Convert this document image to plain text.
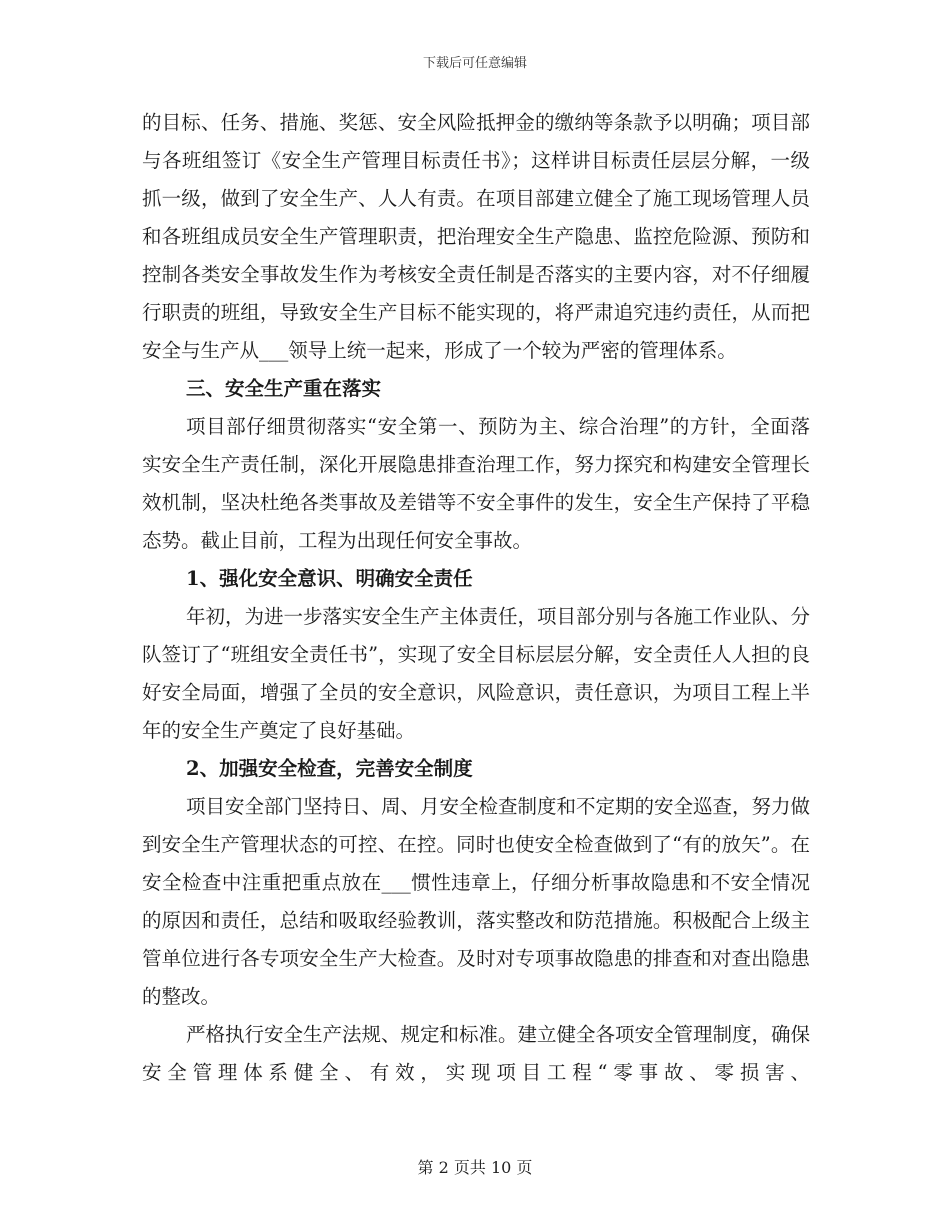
下载后可任意编辑

的目标、任务、措施、奖惩、安全风险抵押金的缴纳等条款予以明确；项目部与各班组签订《安全生产管理目标责任书》；这样讲目标责任层层分解，一级抓一级，做到了安全生产、人人有责。在项目部建立健全了施工现场管理人员和各班组成员安全生产管理职责，把治理安全生产隐患、监控危险源、预防和控制各类安全事故发生作为考核安全责任制是否落实的主要内容，对不仔细履行职责的班组，导致安全生产目标不能实现的，将严肃追究违约责任，从而把安全与生产从___领导上统一起来，形成了一个较为严密的管理体系。

三、安全生产重在落实

项目部仔细贯彻落实“安全第一、预防为主、综合治理”的方针，全面落实安全生产责任制，深化开展隐患排查治理工作，努力探究和构建安全管理长效机制，坚决杜绝各类事故及差错等不安全事件的发生，安全生产保持了平稳态势。截止目前，工程为出现任何安全事故。

1、强化安全意识、明确安全责任

年初，为进一步落实安全生产主体责任，项目部分别与各施工作业队、分队签订了“班组安全责任书”，实现了安全目标层层分解，安全责任人人担的良好安全局面，增强了全员的安全意识，风险意识，责任意识，为项目工程上半年的安全生产奠定了良好基础。

2、加强安全检查，完善安全制度

项目安全部门坚持日、周、月安全检查制度和不定期的安全巡查，努力做到安全生产管理状态的可控、在控。同时也使安全检查做到了“有的放矢”。在安全检查中注重把重点放在___惯性违章上，仔细分析事故隐患和不安全情况的原因和责任，总结和吸取经验教训，落实整改和防范措施。积极配合上级主管单位进行各专项安全生产大检查。及时对专项事故隐患的排查和对查出隐患的整改。

严格执行安全生产法规、规定和标准。建立健全各项安全管理制度，确保安全管理体系健全、有效，实现项目工程“零事故、零损害、

第 2 页共 10 页
